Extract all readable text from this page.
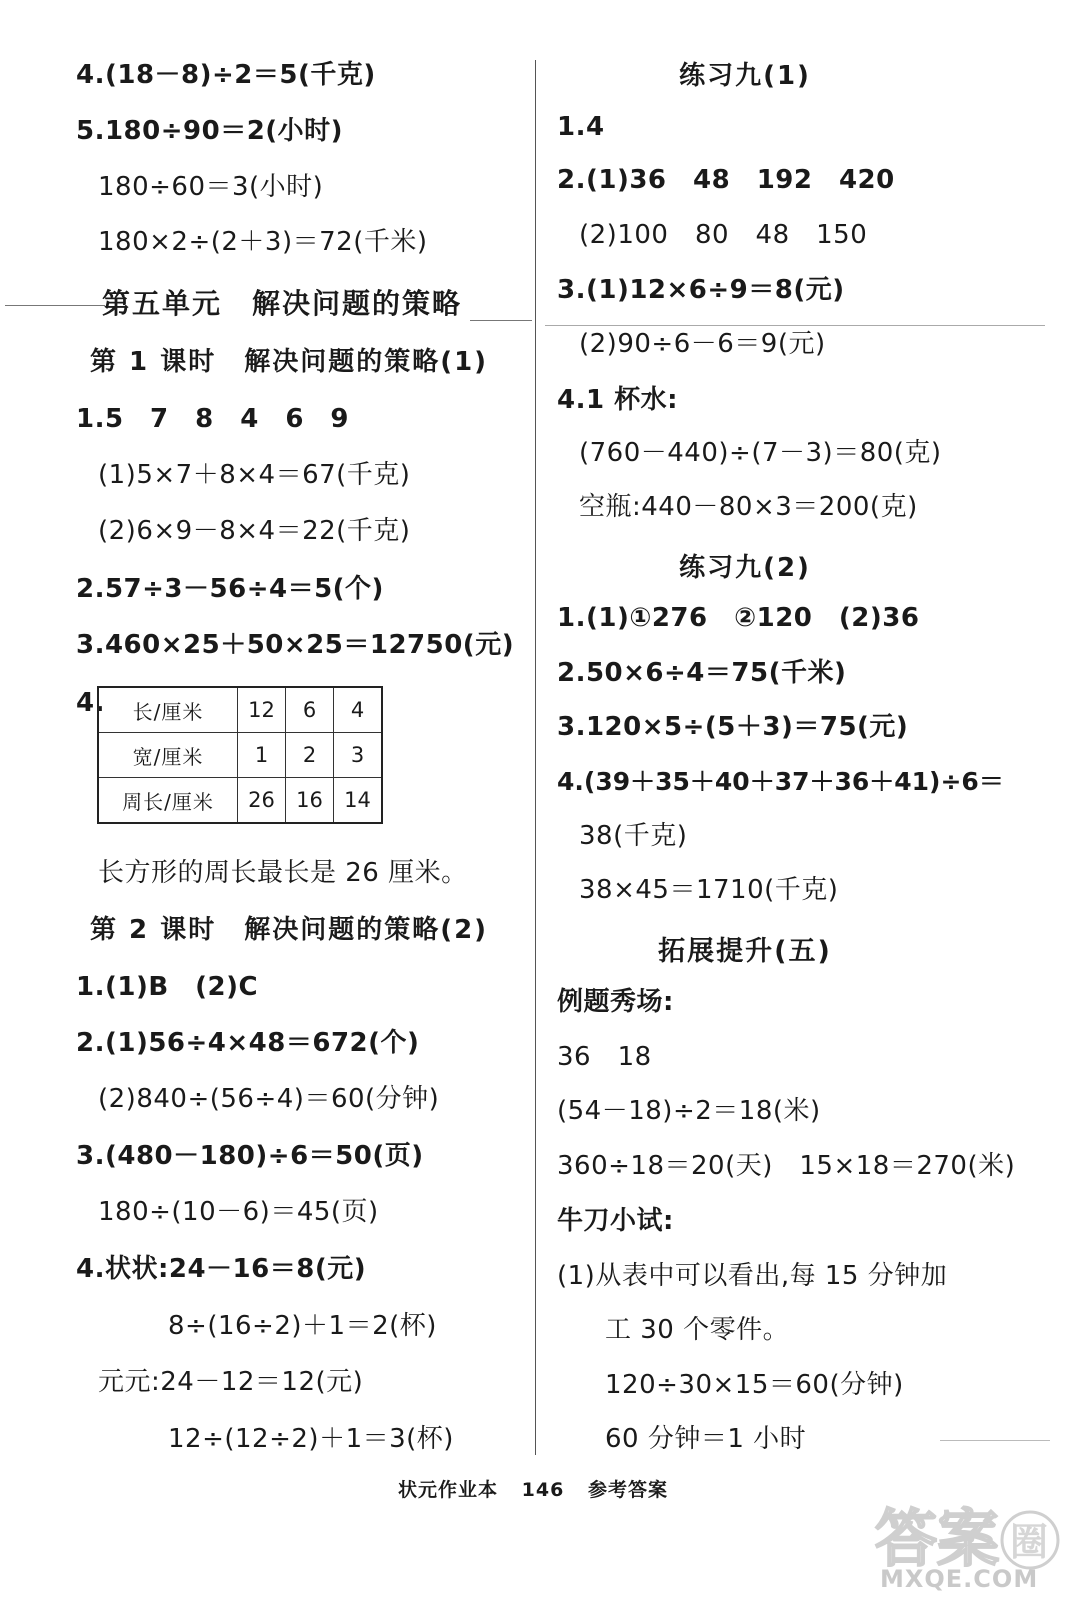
4.(18－8)÷2＝5(千克)
5.180÷90＝2(小时)
180÷60＝3(小时)
180×2÷(2＋3)＝72(千米)
第五单元　解决问题的策略
第 1 课时　解决问题的策略(1)
1.5　7　8　4　6　9
(1)5×7＋8×4＝67(千克)
(2)6×9－8×4＝22(千克)
2.57÷3－56÷4＝5(个)
3.460×25＋50×25＝12750(元)
4. 长/厘米	12	6	4
宽/厘米	1	2	3
周长/厘米	26	16	14
长方形的周长最长是 26 厘米。
第 2 课时　解决问题的策略(2)
1.(1)B　(2)C
2.(1)56÷4×48＝672(个)
(2)840÷(56÷4)＝60(分钟)
3.(480－180)÷6＝50(页)
180÷(10－6)＝45(页)
4.状状:24－16＝8(元)
8÷(16÷2)＋1＝2(杯)
元元:24－12＝12(元)
12÷(12÷2)＋1＝3(杯)
练习九(1)
1.4
2.(1)36　48　192　420
(2)100　80　48　150
3.(1)12×6÷9＝8(元)
(2)90÷6－6＝9(元)
4.1 杯水:
(760－440)÷(7－3)＝80(克)
空瓶:440－80×3＝200(克)
练习九(2)
1.(1)①276　②120　(2)36
2.50×6÷4＝75(千米)
3.120×5÷(5＋3)＝75(元)
4.(39＋35＋40＋37＋36＋41)÷6＝
38(千克)
38×45＝1710(千克)
拓展提升(五)
例题秀场:
36　18
(54－18)÷2＝18(米)
360÷18＝20(天)　15×18＝270(米)
牛刀小试:
(1)从表中可以看出,每 15 分钟加
工 30 个零件。
120÷30×15＝60(分钟)
60 分钟＝1 小时
状元作业本 146 参考答案
答案 圈
MXQE.COM
